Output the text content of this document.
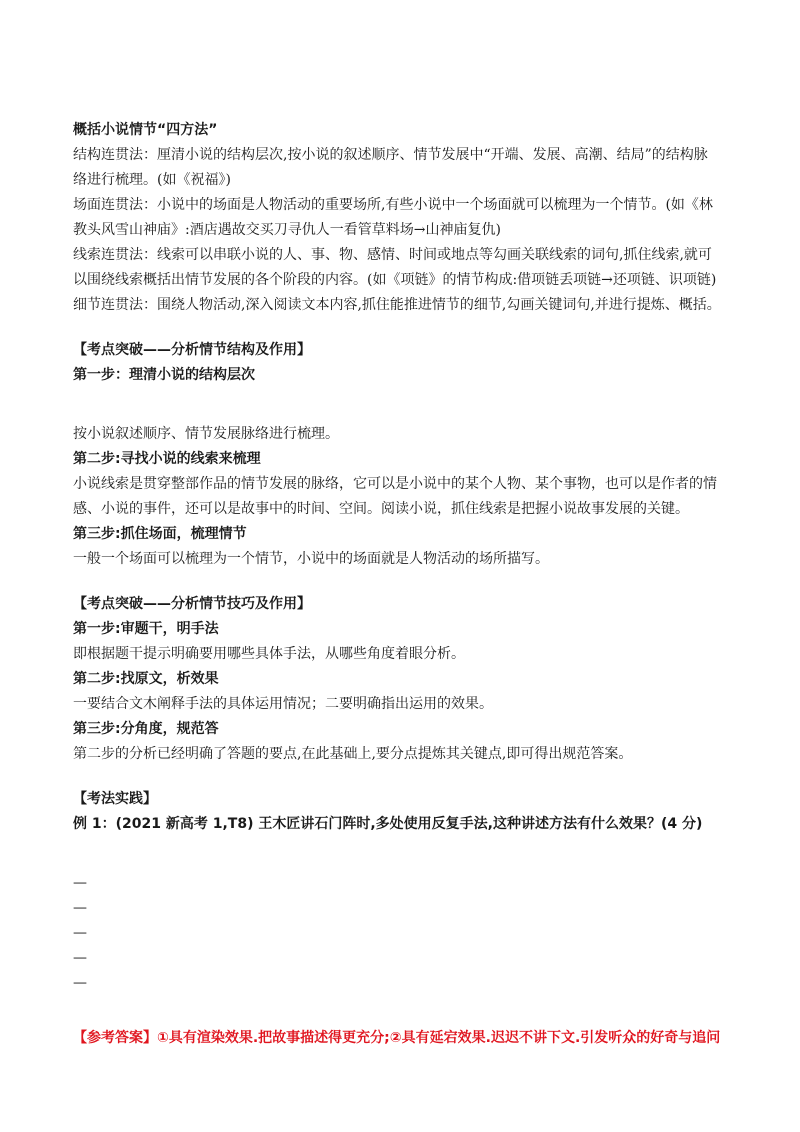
概括小说情节“四方法”

结构连贯法：厘清小说的结构层次,按小说的叙述顺序、情节发展中“开端、发展、高潮、结局”的结构脉

络进行梳理。(如《祝福》)

场面连贯法：小说中的场面是人物活动的重要场所,有些小说中一个场面就可以梳理为一个情节。(如《林

教头风雪山神庙》:酒店遇故交买刀寻仇人一看管草料场→山神庙复仇)

线索连贯法：线索可以串联小说的人、事、物、感情、时间或地点等勾画关联线索的词句,抓住线索,就可

以围绕线索概括出情节发展的各个阶段的内容。(如《项链》的情节构成:借项链丢项链→还项链、识项链)

细节连贯法：围绕人物活动,深入阅读文本内容,抓住能推进情节的细节,勾画关键词句,并进行提炼、概括。

【考点突破——分析情节结构及作用】

第一步：理清小说的结构层次

按小说叙述顺序、情节发展脉络进行梳理。

第二步:寻找小说的线索来梳理

小说线索是贯穿整部作品的情节发展的脉络，它可以是小说中的某个人物、某个事物，也可以是作者的情

感、小说的事件，还可以是故事中的时间、空间。阅读小说，抓住线索是把握小说故事发展的关键。

第三步:抓住场面，梳理情节

一般一个场面可以梳理为一个情节，小说中的场面就是人物活动的场所描写。

【考点突破——分析情节技巧及作用】

第一步:审题干，明手法

即根据题干提示明确要用哪些具体手法，从哪些角度着眼分析。

第二步:找原文，析效果

一要结合文木阐释手法的具体运用情况；二要明确指出运用的效果。

第三步:分角度，规范答

第二步的分析已经明确了答题的要点,在此基础上,要分点提炼其关键点,即可得出规范答案。

【考法实践】

例 1：(2021 新高考 1,T8) 王木匠讲石门阵时,多处使用反复手法,这种讲述方法有什么效果？(4 分)

—

—

—

—

—

【参考答案】①具有渲染效果.把故事描述得更充分;②具有延宕效果.迟迟不讲下文.引发听众的好奇与追问
